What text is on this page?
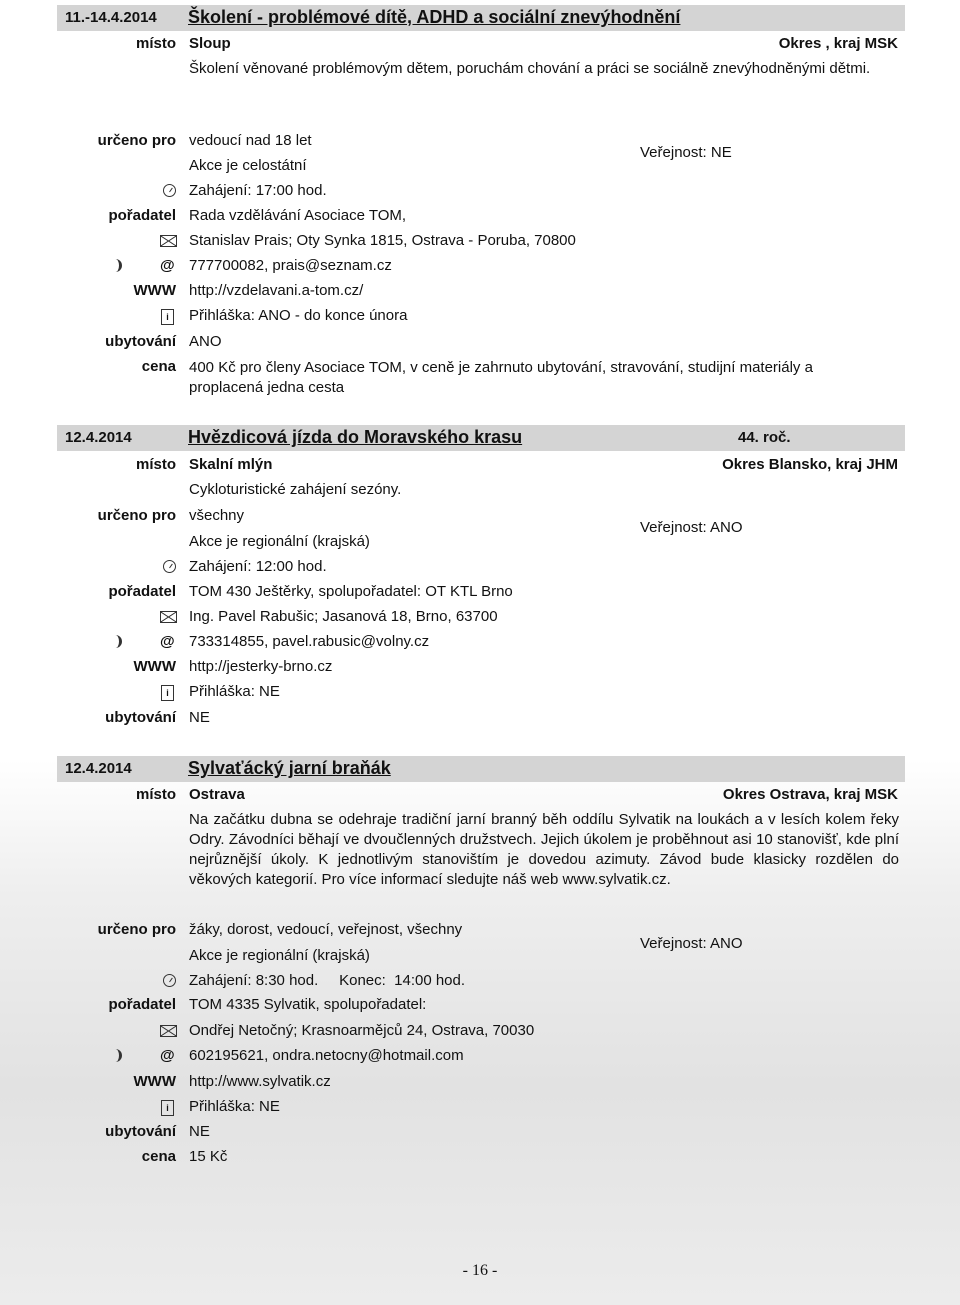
11.-14.4.2014 Školení - problémové dítě, ADHD a sociální znevýhodnění
místo Sloup	Okres , kraj MSK
Školení věnované problémovým dětem, poruchám chování a práci se sociálně znevýhodněnými dětmi.
určeno pro vedoucí nad 18 let
Veřejnost: NE
Akce je celostátní
Zahájení: 17:00 hod.
pořadatel Rada vzdělávání Asociace TOM,
Stanislav Prais; Oty Synka 1815, Ostrava - Poruba, 70800
@ 777700082, prais@seznam.cz
WWW http://vzdelavani.a-tom.cz/
i	Přihláška: ANO - do konce února
ubytování ANO
cena 400 Kč pro členy Asociace TOM, v ceně je zahrnuto ubytování, stravování, studijní materiály a proplacená jedna cesta
12.4.2014	Hvězdicová jízda do Moravského krasu	44. roč.
místo Skalní mlýn	Okres Blansko, kraj JHM
Cykloturistické zahájení sezóny.
určeno pro všechny
Veřejnost: ANO
Akce je regionální (krajská)
Zahájení: 12:00 hod.
pořadatel TOM 430 Ještěrky, spolupořadatel: OT KTL Brno
Ing. Pavel Rabušic; Jasanová 18, Brno, 63700
@ 733314855, pavel.rabusic@volny.cz
WWW http://jesterky-brno.cz
i	Přihláška: NE
ubytování NE
12.4.2014	Sylvaťácký jarní braňák
místo Ostrava	Okres Ostrava, kraj MSK
Na začátku dubna se odehraje tradiční jarní branný běh oddílu Sylvatik na loukách a v lesích kolem řeky Odry. Závodníci běhají ve dvoučlenných družstvech. Jejich úkolem je proběhnout asi 10 stanovišť, kde plní nejrůznější úkoly. K jednotlivým stanovištím je dovedou azimuty. Závod bude klasicky rozdělen do věkových kategorií. Pro více informací sledujte náš web www.sylvatik.cz.
určeno pro žáky, dorost, vedoucí, veřejnost, všechny
Veřejnost: ANO
Akce je regionální (krajská)
Zahájení: 8:30 hod.     Konec:  14:00 hod.
pořadatel TOM 4335 Sylvatik, spolupořadatel:
Ondřej Netočný; Krasnoarmějců 24, Ostrava, 70030
@ 602195621, ondra.netocny@hotmail.com
WWW http://www.sylvatik.cz
i	Přihláška: NE
ubytování NE
cena 15 Kč
- 16 -
